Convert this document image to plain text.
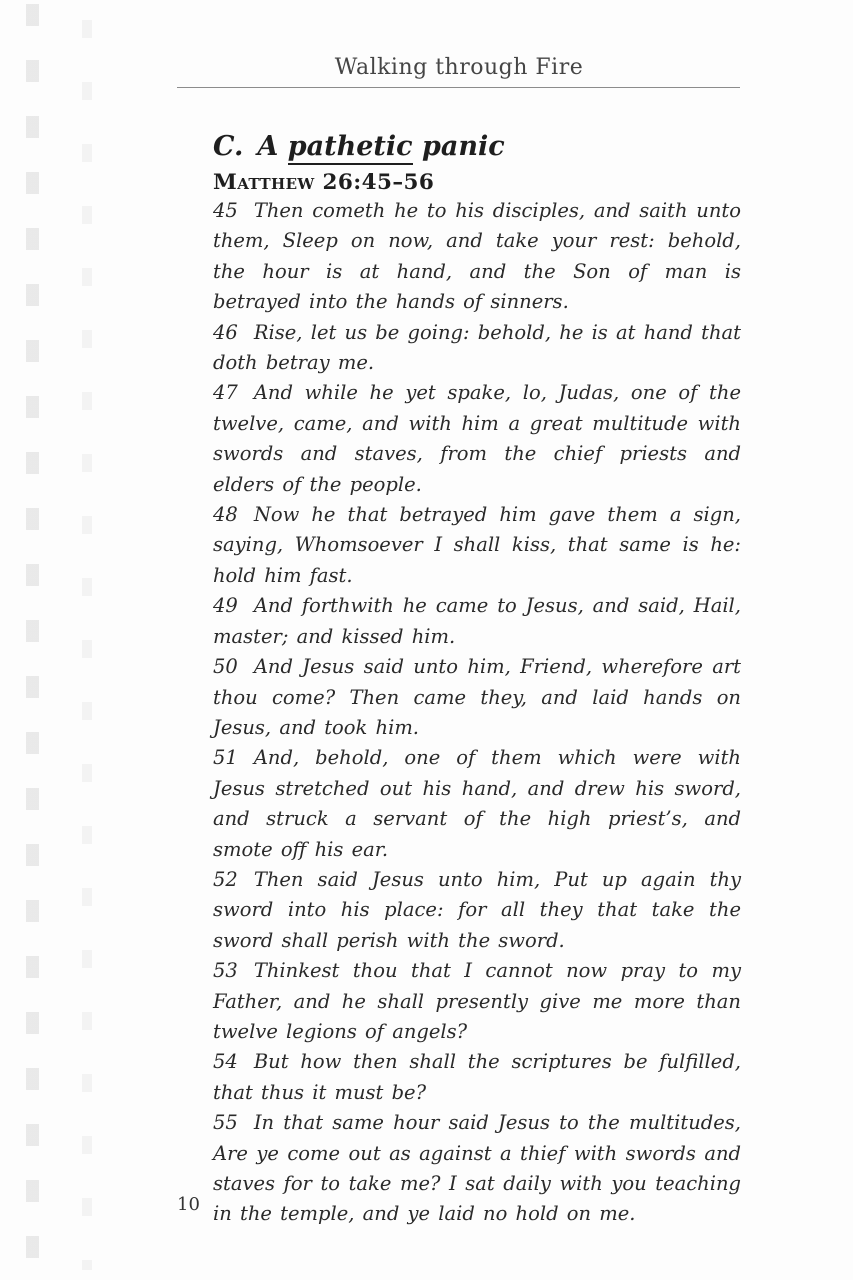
Walking through Fire
C. A pathetic panic
Matthew 26:45–56

45 Then cometh he to his disciples, and saith unto them, Sleep on now, and take your rest: behold, the hour is at hand, and the Son of man is betrayed into the hands of sinners.

46 Rise, let us be going: behold, he is at hand that doth betray me.

47 And while he yet spake, lo, Judas, one of the twelve, came, and with him a great multitude with swords and staves, from the chief priests and elders of the people.

48 Now he that betrayed him gave them a sign, saying, Whomsoever I shall kiss, that same is he: hold him fast.

49 And forthwith he came to Jesus, and said, Hail, master; and kissed him.

50 And Jesus said unto him, Friend, wherefore art thou come? Then came they, and laid hands on Jesus, and took him.

51 And, behold, one of them which were with Jesus stretched out his hand, and drew his sword, and struck a servant of the high priest’s, and smote off his ear.

52 Then said Jesus unto him, Put up again thy sword into his place: for all they that take the sword shall perish with the sword.

53 Thinkest thou that I cannot now pray to my Father, and he shall presently give me more than twelve legions of angels?

54 But how then shall the scriptures be fulfilled, that thus it must be?

55 In that same hour said Jesus to the multitudes, Are ye come out as against a thief with swords and staves for to take me? I sat daily with you teaching in the temple, and ye laid no hold on me.

10
